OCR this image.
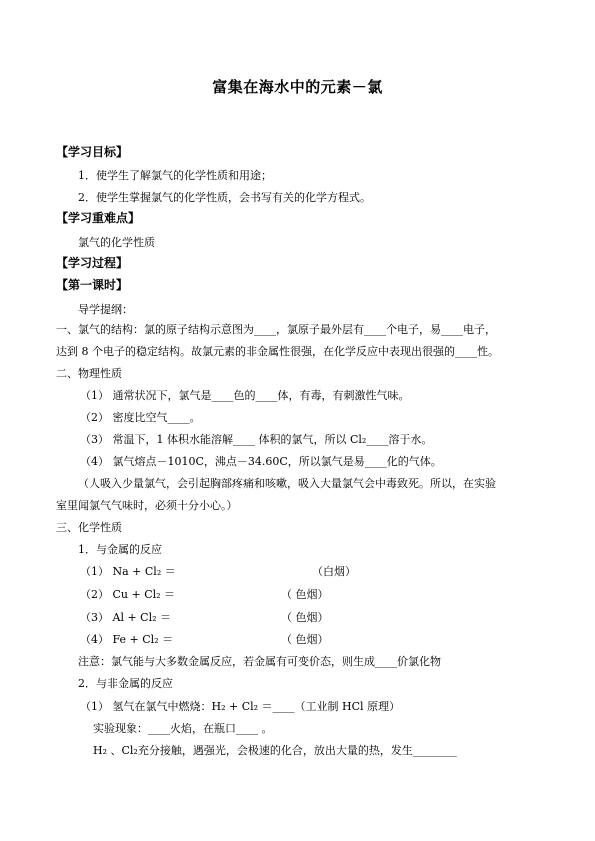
富集在海水中的元素－氯
【学习目标】
1．使学生了解氯气的化学性质和用途；
2．使学生掌握氯气的化学性质，会书写有关的化学方程式。
【学习重难点】
氯气的化学性质
【学习过程】
【第一课时】
导学提纲：
一、氯气的结构：氯的原子结构示意图为____，氯原子最外层有____个电子，易____电子，
达到 8 个电子的稳定结构。故氯元素的非金属性很强，在化学反应中表现出很强的____性。
二、物理性质
（1） 通常状况下，氯气是____色的____体，有毒，有刺激性气味。
（2） 密度比空气____。
（3） 常温下，1 体积水能溶解____ 体积的氯气，所以 Cl₂____溶于水。
（4） 氯气熔点－1010C，沸点－34.60C，所以氯气是易____化的气体。
（人吸入少量氯气，会引起胸部疼痛和咳嗽，吸入大量氯气会中毒致死。所以，在实验
室里闻氯气气味时，必须十分小心。）
三、化学性质
1．与金属的反应
（1） Na + Cl₂ ＝	（白烟）
（2） Cu + Cl₂ ＝	（ 色烟）
（3） Al + Cl₂ ＝	（ 色烟）
（4） Fe + Cl₂ ＝	（ 色烟）
注意：氯气能与大多数金属反应，若金属有可变价态，则生成____价氯化物
2．与非金属的反应
（1） 氢气在氯气中燃烧：H₂ + Cl₂ ＝____（工业制 HCl 原理）
实验现象：____火焰，在瓶口____ 。
H₂ 、Cl₂充分接触，遇强光，会极速的化合，放出大量的热，发生________
